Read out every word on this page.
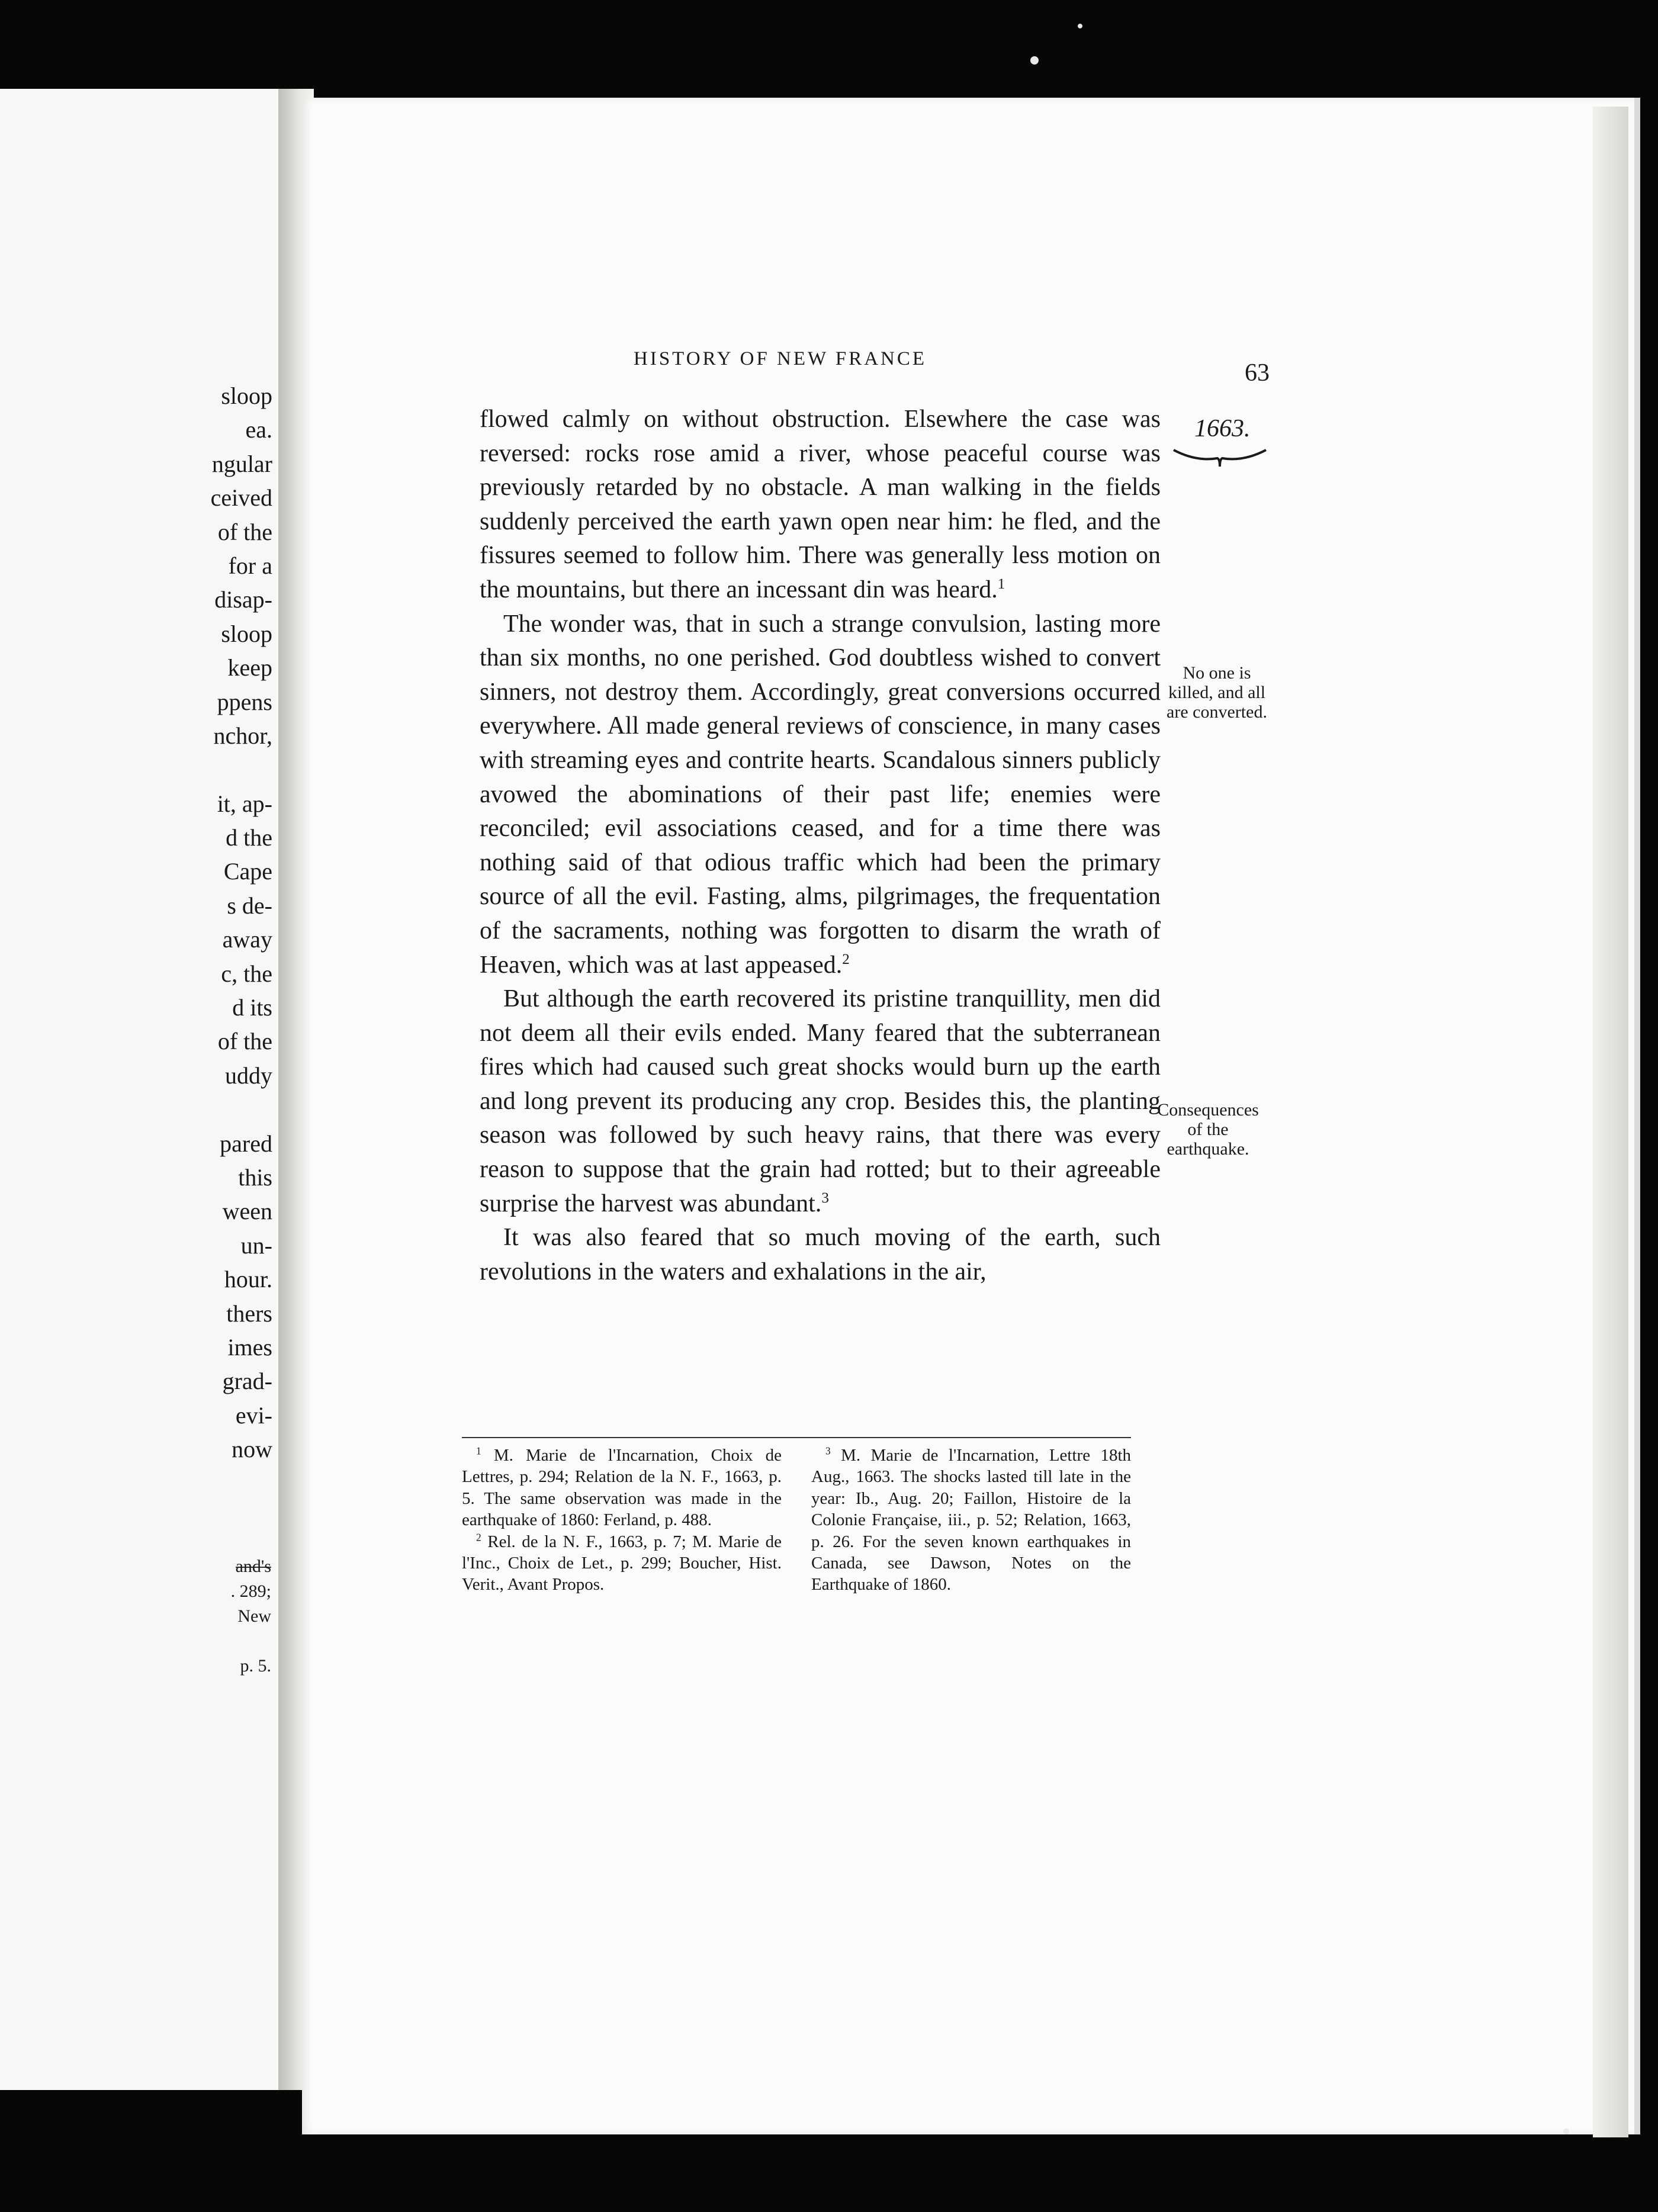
sloop
ea.
ngular
ceived
of the
for a
disap-
sloop
keep
ppens
nchor,
it, ap-
d the
Cape
s de-
away
c, the
d its
of the
uddy
pared
this
ween
un-
hour.
thers
imes
grad-
evi-
now
and's
. 289;
New
p. 5.
HISTORY OF NEW FRANCE
63
1663.

flowed calmly on without obstruction. Elsewhere the case was reversed: rocks rose amid a river, whose peaceful course was previously retarded by no obstacle. A man walking in the fields suddenly perceived the earth yawn open near him: he fled, and the fissures seemed to follow him. There was generally less motion on the mountains, but there an incessant din was heard.$^1$

The wonder was, that in such a strange convulsion, lasting more than six months, no one perished. God doubtless wished to convert sinners, not destroy them. Accordingly, great conversions occurred everywhere. All made general reviews of conscience, in many cases with streaming eyes and contrite hearts. Scandalous sinners publicly avowed the abominations of their past life; enemies were reconciled; evil associations ceased, and for a time there was nothing said of that odious traffic which had been the primary source of all the evil. Fasting, alms, pilgrimages, the frequentation of the sacraments, nothing was forgotten to disarm the wrath of Heaven, which was at last appeased.$^2$

But although the earth recovered its pristine tranquillity, men did not deem all their evils ended. Many feared that the subterranean fires which had caused such great shocks would burn up the earth and long prevent its producing any crop. Besides this, the planting season was followed by such heavy rains, that there was every reason to suppose that the grain had rotted; but to their agreeable surprise the harvest was abundant.$^3$

It was also feared that so much moving of the earth, such revolutions in the waters and exhalations in the air,

No one is killed, and all are converted.
Consequences of the earthquake.

$^1$ M. Marie de l'Incarnation, Choix de Lettres, p. 294; Relation de la N. F., 1663, p. 5. The same observation was made in the earthquake of 1860: Ferland, p. 488.

$^2$ Rel. de la N. F., 1663, p. 7; M. Marie de l'Inc., Choix de Let., p. 299; Boucher, Hist. Verit., Avant Propos.

$^3$ M. Marie de l'Incarnation, Lettre 18th Aug., 1663. The shocks lasted till late in the year: Ib., Aug. 20; Faillon, Histoire de la Colonie Française, iii., p. 52; Relation, 1663, p. 26. For the seven known earthquakes in Canada, see Dawson, Notes on the Earthquake of 1860.
